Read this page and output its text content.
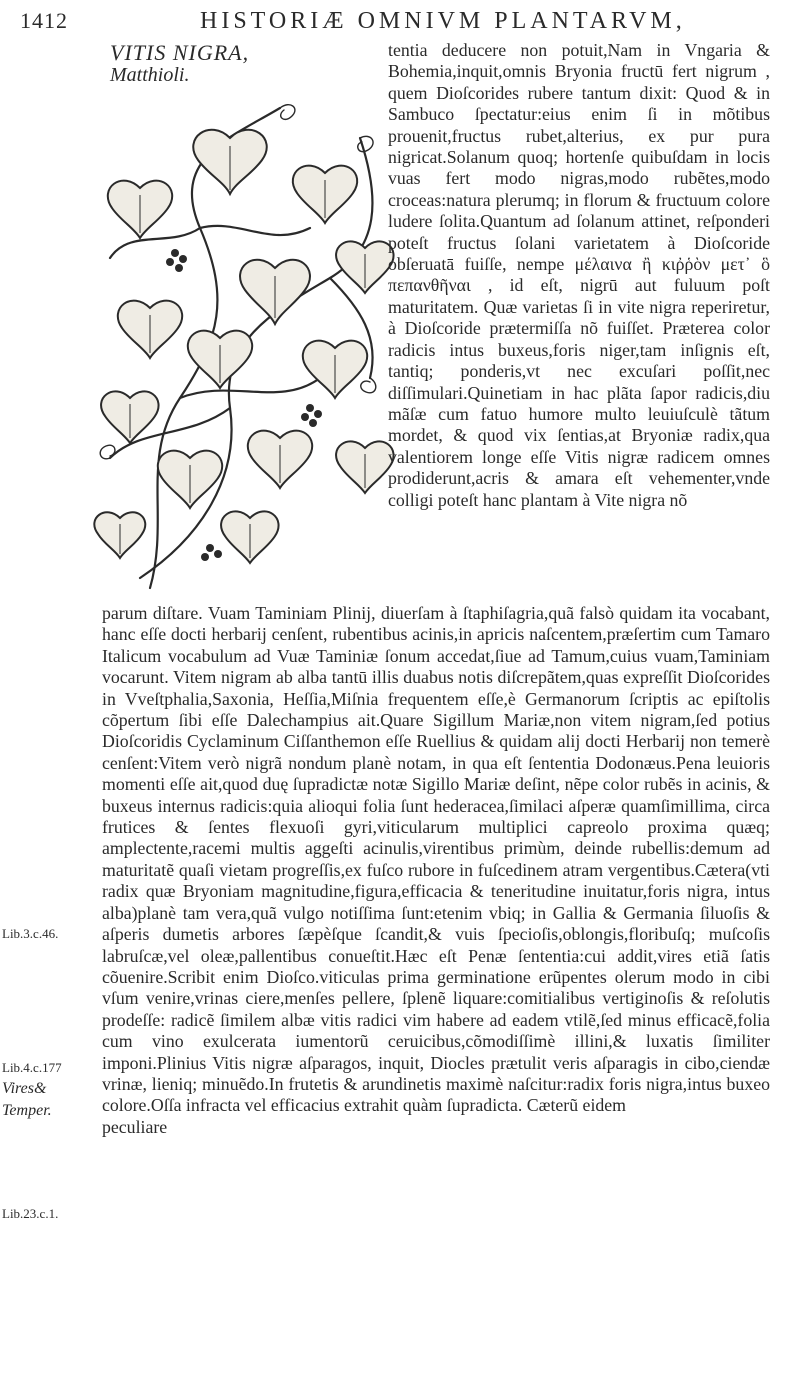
1412	HISTORIÆ OMNIVM PLANTARVM,
VITIS NIGRA,
Matthioli.
tentia deducere non potuit,Nam in Vngaria & Bohemia,inquit,omnis Bryonia fructū fert nigrum , quem Dioſcorides rubere tantum dixit: Quod & in Sambuco ſpectatur:eius enim ſi in mõtibus prouenit,fructus rubet,alterius, ex pur pura nigricat.Solanum quoq; hortenſe quibuſdam in locis vuas fert modo nigras,modo rubẽtes,modo croceas:natura plerumq; in florum & fructuum colore ludere ſolita.Quantum ad ſolanum attinet, reſponderi poteſt fructus ſolani varietatem à Dioſcoride obſeruatā fuiſſe, nempe μέλαινα ἢ κιῤῥὸν μετ᾽ ὃ πεπανθῆναι , id eſt, nigrū aut fuluum poſt maturitatem. Quæ varietas ſi in vite nigra reperiretur, à Dioſcoride prætermiſſa nõ fuiſſet. Præterea color radicis intus buxeus,foris niger,tam inſignis eſt, tantiq; ponderis,vt nec excuſari poſſit,nec diſſimulari.Quinetiam in hac plãta ſapor radicis,diu mãſæ cum fatuo humore multo leuiuſculè tãtum mordet, & quod vix ſentias,at Bryoniæ radix,qua valentiorem longe eſſe Vitis nigræ radicem omnes prodiderunt,acris & amara eſt vehementer,vnde colligi poteſt hanc plantam à Vite nigra nõ
parum diſtare. Vuam Taminiam Plinij, diuerſam à ſtaphiſagria,quã falsò quidam ita vocabant, hanc eſſe docti herbarij cenſent, rubentibus acinis,in apricis naſcentem,præſertim cum Tamaro Italicum vocabulum ad Vuæ Taminiæ ſonum accedat,ſiue ad Tamum,cuius vuam,Taminiam vocarunt. Vitem nigram ab alba tantū illis duabus notis diſcrepãtem,quas expreſſit Dioſcorides in Vveſtphalia,Saxonia, Heſſia,Miſnia frequentem eſſe,è Germanorum ſcriptis ac epiſtolis cõpertum ſibi eſſe Dalechampius ait.Quare Sigillum Mariæ,non vitem nigram,ſed potius Dioſcoridis Cyclaminum Ciſſanthemon eſſe Ruellius & quidam alij docti Herbarij non temerè cenſent:Vitem verò nigrã nondum planè notam, in qua eſt ſententia Dodonæus.Pena leuioris momenti eſſe ait,quod duę ſupradictæ notæ Sigillo Mariæ deſint, nẽpe color rubẽs in acinis, & buxeus internus radicis:quia alioqui folia ſunt hederacea,ſimilaci aſperæ quamſimillima, circa frutices & ſentes flexuoſi gyri,viticularum multiplici capreolo proxima quæq; amplectente,racemi multis aggeſti acinulis,virentibus primùm, deinde rubellis:demum ad maturitatẽ quaſi vietam progreſſis,ex fuſco rubore in fuſcedinem atram vergentibus.Cætera(vti radix quæ Bryoniam magnitudine,figura,efficacia & teneritudine inuitatur,foris nigra, intus alba)planè tam vera,quã vulgo notiſſima ſunt:etenim vbiq; in Gallia & Germania ſiluoſis & aſperis dumetis arbores ſæpèſque ſcandit,& vuis ſpecioſis,oblongis,floribuſq; muſcoſis labruſcæ,vel oleæ,pallentibus conueſtit.Hæc eſt Penæ ſententia:cui addit,vires etiã ſatis cõuenire.Scribit enim Dioſco.viticulas prima germinatione erũpentes olerum modo in cibi vſum venire,vrinas ciere,menſes pellere, ſplenẽ liquare:comitialibus vertiginoſis & reſolutis prodeſſe: radicẽ ſimilem albæ vitis radici vim habere ad eadem vtilẽ,ſed minus efficacẽ,folia cum vino exulcerata iumentorũ ceruicibus,cõmodiſſimè illini,& luxatis ſimiliter imponi.Plinius Vitis nigræ aſparagos, inquit, Diocles prætulit veris aſparagis in cibo,ciendæ vrinæ, lieniq; minuẽdo.In frutetis & arundinetis maximè naſcitur:radix foris nigra,intus buxeo colore.Oſſa infracta vel efficacius extrahit quàm ſupradicta. Cæterũ eidem
peculiare
Lib.3.c.46.
Lib.4.c.177
Vires&
Temper.
Lib.23.c.1.
